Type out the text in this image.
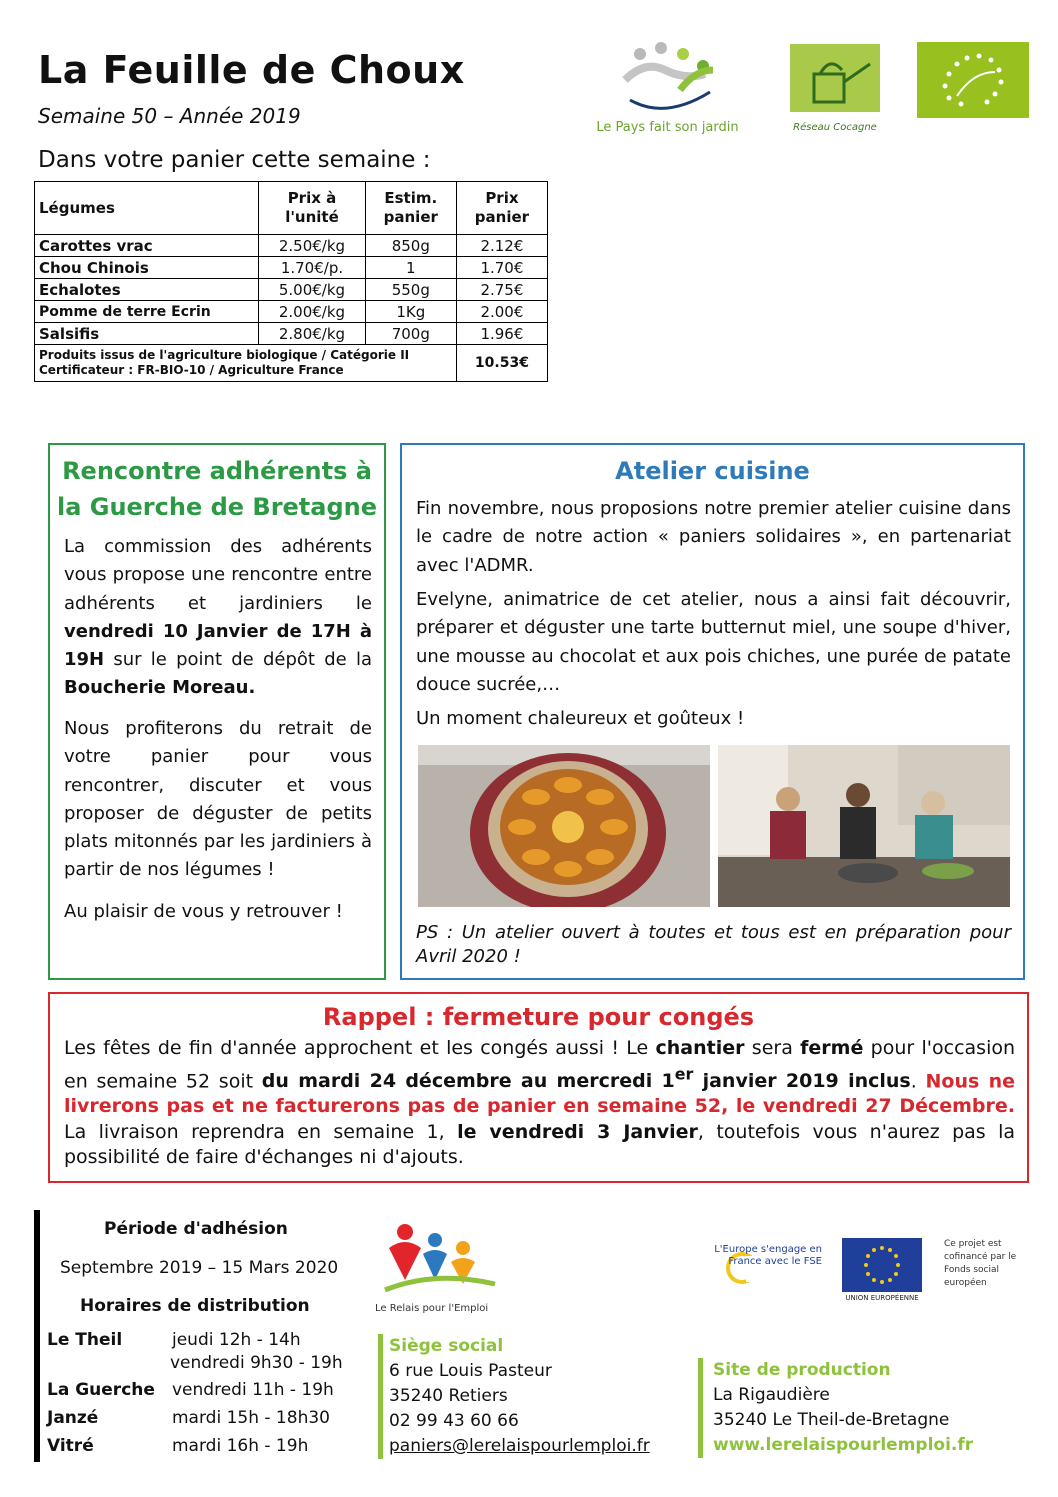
La Feuille de Choux
Semaine 50 – Année 2019
Dans votre panier cette semaine :
Le Pays fait son jardin	Réseau Cocagne
Légumes	Prix à l'unité	Estim. panier	Prix panier
Carottes vrac	2.50€/kg	850g	2.12€
Chou Chinois	1.70€/p.	1	1.70€
Echalotes	5.00€/kg	550g	2.75€
Pomme de terre Ecrin	2.00€/kg	1Kg	2.00€
Salsifis	2.80€/kg	700g	1.96€

Produits issus de l'agriculture biologique / Catégorie II
Certificateur : FR-BIO-10 / Agriculture France			10.53€
Rencontre adhérents à la Guerche de Bretagne
La commission des adhérents vous propose une rencontre entre adhérents et jardiniers le vendredi 10 Janvier de 17H à 19H sur le point de dépôt de la Boucherie Moreau.
Nous profiterons du retrait de votre panier pour vous rencontrer, discuter et vous proposer de déguster de petits plats mitonnés par les jardiniers à partir de nos légumes !
Au plaisir de vous y retrouver !
Atelier cuisine
Fin novembre, nous proposions notre premier atelier cuisine dans le cadre de notre action « paniers solidaires », en partenariat avec l'ADMR.
Evelyne, animatrice de cet atelier, nous a ainsi fait découvrir, préparer et déguster une tarte butternut miel, une soupe d'hiver, une mousse au chocolat et aux pois chiches, une purée de patate douce sucrée,…
Un moment chaleureux et goûteux !
PS : Un atelier ouvert à toutes et tous est en préparation pour Avril 2020 !
Rappel : fermeture pour congés
Les fêtes de fin d'année approchent et les congés aussi ! Le chantier sera fermé pour l'occasion en semaine 52 soit du mardi 24 décembre au mercredi 1er janvier 2019 inclus. Nous ne livrerons pas et ne facturerons pas de panier en semaine 52, le vendredi 27 Décembre. La livraison reprendra en semaine 1, le vendredi 3 Janvier, toutefois vous n'aurez pas la possibilité de faire d'échanges ni d'ajouts.
Période d'adhésion
Septembre 2019 – 15 Mars 2020
Horaires de distribution
Le Theil	jeudi 12h - 14h
vendredi 9h30 - 19h
La Guerche vendredi 11h - 19h
Janzé	mardi 15h - 18h30
Vitré	mardi 16h - 19h
Le Relais pour l'Emploi
Siège social
6 rue Louis Pasteur
35240 Retiers
02 99 43 60 66
paniers@lerelaispourlemploi.fr
L'Europe s'engage en France avec le FSE
UNION EUROPÉENNE
Ce projet est cofinancé par le Fonds social européen
Site de production
La Rigaudière
35240 Le Theil-de-Bretagne
www.lerelaispourlemploi.fr
